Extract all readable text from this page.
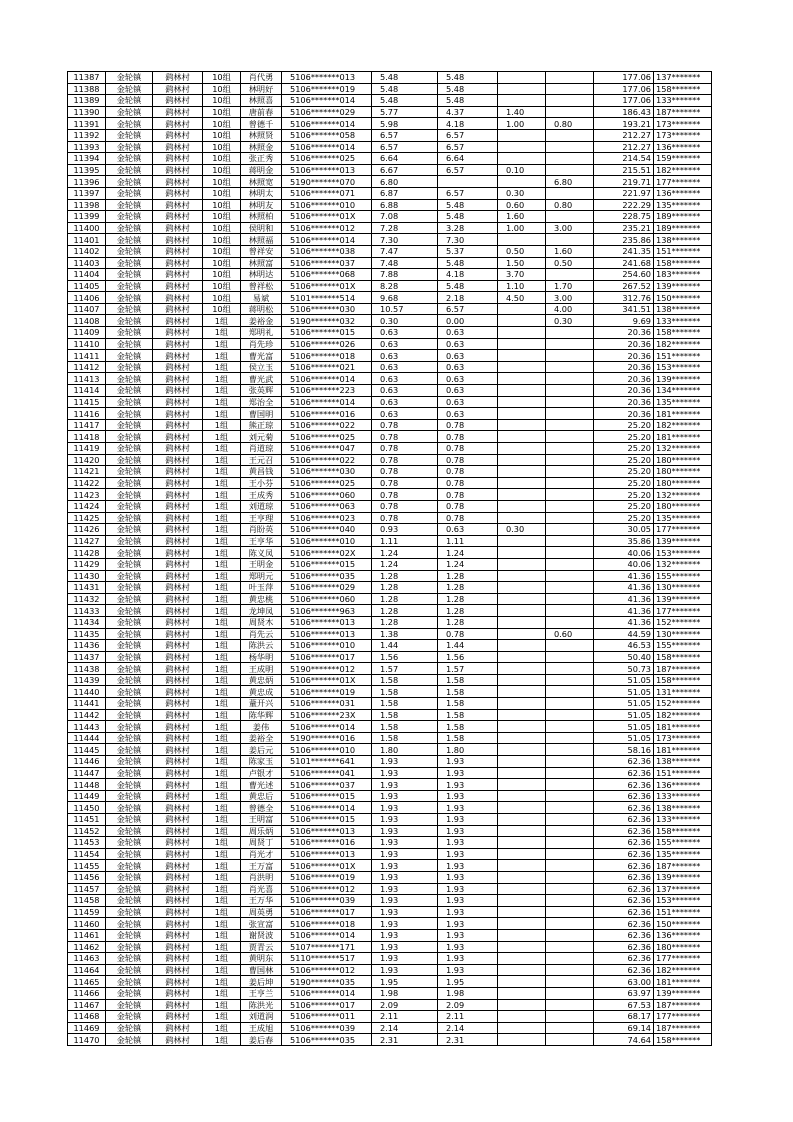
11387	金轮镇	鹞林村	10组	肖代勇	5106*******013	5.48	5.48			177.06	137*******
11388	金轮镇	鹞林村	10组	林明好	5106*******019	5.48	5.48			177.06	158*******
11389	金轮镇	鹞林村	10组	林照喜	5106*******014	5.48	5.48			177.06	133*******
11390	金轮镇	鹞林村	10组	唐前春	5106*******029	5.77	4.37	1.40		186.43	187*******
11391	金轮镇	鹞林村	10组	曾德千	5106*******014	5.98	4.18	1.00	0.80	193.21	173*******
11392	金轮镇	鹞林村	10组	林照贤	5106*******058	6.57	6.57			212.27	173*******
11393	金轮镇	鹞林村	10组	林照金	5106*******014	6.57	6.57			212.27	136*******
11394	金轮镇	鹞林村	10组	张正秀	5106*******025	6.64	6.64			214.54	159*******
11395	金轮镇	鹞林村	10组	蒋明金	5106*******013	6.67	6.57	0.10		215.51	182*******
11396	金轮镇	鹞林村	10组	林照宽	5190*******070	6.80			6.80	219.71	177*******
11397	金轮镇	鹞林村	10组	林明太	5106*******071	6.87	6.57	0.30		221.97	136*******
11398	金轮镇	鹞林村	10组	林明友	5106*******010	6.88	5.48	0.60	0.80	222.29	135*******
11399	金轮镇	鹞林村	10组	林照柏	5106*******01X	7.08	5.48	1.60		228.75	189*******
11400	金轮镇	鹞林村	10组	侯明和	5106*******012	7.28	3.28	1.00	3.00	235.21	189*******
11401	金轮镇	鹞林村	10组	林照福	5106*******014	7.30	7.30			235.86	138*******
11402	金轮镇	鹞林村	10组	曾祥安	5106*******038	7.47	5.37	0.50	1.60	241.35	151*******
11403	金轮镇	鹞林村	10组	林照富	5106*******037	7.48	5.48	1.50	0.50	241.68	158*******
11404	金轮镇	鹞林村	10组	林明达	5106*******068	7.88	4.18	3.70		254.60	183*******
11405	金轮镇	鹞林村	10组	曾祥松	5106*******01X	8.28	5.48	1.10	1.70	267.52	139*******
11406	金轮镇	鹞林村	10组	易斌	5101*******514	9.68	2.18	4.50	3.00	312.76	150*******
11407	金轮镇	鹞林村	10组	蒋明松	5106*******030	10.57	6.57		4.00	341.51	138*******
11408	金轮镇	鹞林村	1组	姜裕金	5190*******032	0.30	0.00		0.30	9.69	133*******
11409	金轮镇	鹞林村	1组	郑明礼	5106*******015	0.63	0.63			20.36	158*******
11410	金轮镇	鹞林村	1组	肖先珍	5106*******026	0.63	0.63			20.36	182*******
11411	金轮镇	鹞林村	1组	曹光富	5106*******018	0.63	0.63			20.36	151*******
11412	金轮镇	鹞林村	1组	侯立玉	5106*******021	0.63	0.63			20.36	153*******
11413	金轮镇	鹞林村	1组	曹光武	5106*******014	0.63	0.63			20.36	139*******
11414	金轮镇	鹞林村	1组	张英辉	5106*******223	0.63	0.63			20.36	134*******
11415	金轮镇	鹞林村	1组	郑治全	5106*******014	0.63	0.63			20.36	135*******
11416	金轮镇	鹞林村	1组	曹国明	5106*******016	0.63	0.63			20.36	181*******
11417	金轮镇	鹞林村	1组	熊正琼	5106*******022	0.78	0.78			25.20	182*******
11418	金轮镇	鹞林村	1组	刘元菊	5106*******025	0.78	0.78			25.20	181*******
11419	金轮镇	鹞林村	1组	肖道琼	5106*******047	0.78	0.78			25.20	132*******
11420	金轮镇	鹞林村	1组	王元召	5106*******022	0.78	0.78			25.20	180*******
11421	金轮镇	鹞林村	1组	黄昌钱	5106*******030	0.78	0.78			25.20	180*******
11422	金轮镇	鹞林村	1组	王小芬	5106*******025	0.78	0.78			25.20	180*******
11423	金轮镇	鹞林村	1组	王成秀	5106*******060	0.78	0.78			25.20	132*******
11424	金轮镇	鹞林村	1组	刘道琼	5106*******063	0.78	0.78			25.20	180*******
11425	金轮镇	鹞林村	1组	王亨理	5106*******023	0.78	0.78			25.20	135*******
11426	金轮镇	鹞林村	1组	肖盼英	5106*******040	0.93	0.63	0.30		30.05	177*******
11427	金轮镇	鹞林村	1组	王亨华	5106*******010	1.11	1.11			35.86	139*******
11428	金轮镇	鹞林村	1组	陈义凤	5106*******02X	1.24	1.24			40.06	153*******
11429	金轮镇	鹞林村	1组	王明金	5106*******015	1.24	1.24			40.06	132*******
11430	金轮镇	鹞林村	1组	郑明元	5106*******035	1.28	1.28			41.36	155*******
11431	金轮镇	鹞林村	1组	叶玉萍	5106*******029	1.28	1.28			41.36	130*******
11432	金轮镇	鹞林村	1组	黄忠桃	5106*******060	1.28	1.28			41.36	139*******
11433	金轮镇	鹞林村	1组	龙坤凤	5106*******963	1.28	1.28			41.36	177*******
11434	金轮镇	鹞林村	1组	周贤木	5106*******013	1.28	1.28			41.36	152*******
11435	金轮镇	鹞林村	1组	肖先云	5106*******013	1.38	0.78		0.60	44.59	130*******
11436	金轮镇	鹞林村	1组	陈洪云	5106*******010	1.44	1.44			46.53	155*******
11437	金轮镇	鹞林村	1组	杨华明	5106*******017	1.56	1.56			50.40	158*******
11438	金轮镇	鹞林村	1组	王成明	5190*******012	1.57	1.57			50.73	187*******
11439	金轮镇	鹞林村	1组	黄忠炳	5106*******01X	1.58	1.58			51.05	158*******
11440	金轮镇	鹞林村	1组	黄忠成	5106*******019	1.58	1.58			51.05	131*******
11441	金轮镇	鹞林村	1组	蕫开兴	5106*******031	1.58	1.58			51.05	152*******
11442	金轮镇	鹞林村	1组	陈华辉	5106*******23X	1.58	1.58			51.05	182*******
11443	金轮镇	鹞林村	1组	姜伟	5106*******014	1.58	1.58			51.05	181*******
11444	金轮镇	鹞林村	1组	姜裕全	5190*******016	1.58	1.58			51.05	173*******
11445	金轮镇	鹞林村	1组	姜后元	5106*******010	1.80	1.80			58.16	181*******
11446	金轮镇	鹞林村	1组	陈家玉	5101*******641	1.93	1.93			62.36	138*******
11447	金轮镇	鹞林村	1组	卢银才	5106*******041	1.93	1.93			62.36	151*******
11448	金轮镇	鹞林村	1组	曹光述	5106*******037	1.93	1.93			62.36	136*******
11449	金轮镇	鹞林村	1组	黄忠后	5106*******015	1.93	1.93			62.36	133*******
11450	金轮镇	鹞林村	1组	曾德全	5106*******014	1.93	1.93			62.36	138*******
11451	金轮镇	鹞林村	1组	王明富	5106*******015	1.93	1.93			62.36	133*******
11452	金轮镇	鹞林村	1组	周乐炳	5106*******013	1.93	1.93			62.36	158*******
11453	金轮镇	鹞林村	1组	周贤丁	5106*******016	1.93	1.93			62.36	155*******
11454	金轮镇	鹞林村	1组	肖光才	5106*******013	1.93	1.93			62.36	135*******
11455	金轮镇	鹞林村	1组	王万富	5106*******01X	1.93	1.93			62.36	187*******
11456	金轮镇	鹞林村	1组	肖洪明	5106*******019	1.93	1.93			62.36	139*******
11457	金轮镇	鹞林村	1组	肖光喜	5106*******012	1.93	1.93			62.36	137*******
11458	金轮镇	鹞林村	1组	王万华	5106*******039	1.93	1.93			62.36	153*******
11459	金轮镇	鹞林村	1组	周英勇	5106*******017	1.93	1.93			62.36	151*******
11460	金轮镇	鹞林村	1组	张宣富	5106*******018	1.93	1.93			62.36	150*******
11461	金轮镇	鹞林村	1组	谢贤波	5106*******014	1.93	1.93			62.36	136*******
11462	金轮镇	鹞林村	1组	贾青云	5107*******171	1.93	1.93			62.36	180*******
11463	金轮镇	鹞林村	1组	黄明东	5110*******517	1.93	1.93			62.36	177*******
11464	金轮镇	鹞林村	1组	曹国林	5106*******012	1.93	1.93			62.36	182*******
11465	金轮镇	鹞林村	1组	姜后坤	5190*******035	1.95	1.95			63.00	181*******
11466	金轮镇	鹞林村	1组	王亨兰	5106*******014	1.98	1.98			63.97	139*******
11467	金轮镇	鹞林村	1组	陈洪光	5106*******017	2.09	2.09			67.53	187*******
11468	金轮镇	鹞林村	1组	刘道润	5106*******011	2.11	2.11			68.17	177*******
11469	金轮镇	鹞林村	1组	王成旭	5106*******039	2.14	2.14			69.14	187*******
11470	金轮镇	鹞林村	1组	姜后春	5106*******035	2.31	2.31			74.64	158*******
